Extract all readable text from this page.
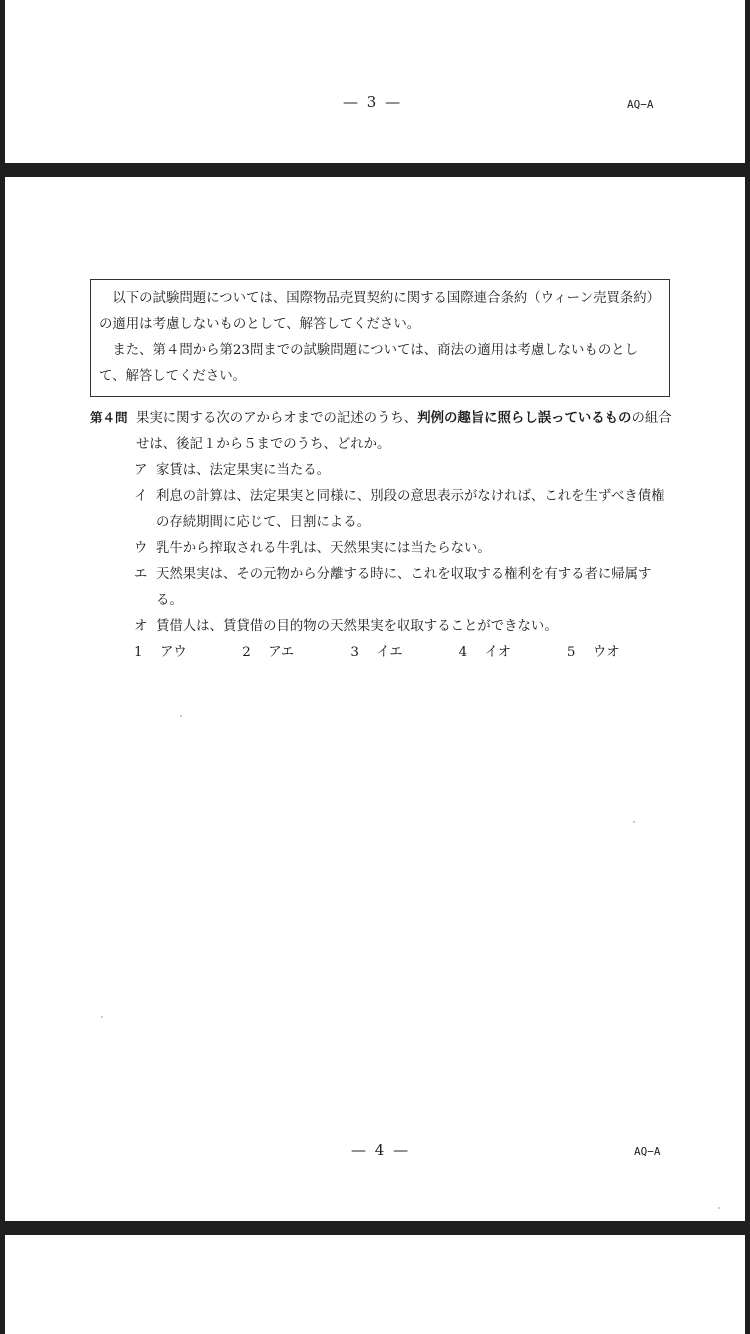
— 3 —	AQ−A

以下の試験問題については、国際物品売買契約に関する国際連合条約（ウィーン売買条約）の適用は考慮しないものとして、解答してください。

また、第４問から第23問までの試験問題については、商法の適用は考慮しないものとして、解答してください。

第４問 果実に関する次のアからオまでの記述のうち、判例の趣旨に照らし誤っているものの組合せは、後記１から５までのうち、どれか。
ア 家賃は、法定果実に当たる。
イ 利息の計算は、法定果実と同様に、別段の意思表示がなければ、これを生ずべき債権の存続期間に応じて、日割による。
ウ 乳牛から搾取される牛乳は、天然果実には当たらない。
エ 天然果実は、その元物から分離する時に、これを収取する権利を有する者に帰属する。
オ 賃借人は、賃貸借の目的物の天然果実を収取することができない。
1	アウ	2	アエ	3	イエ	4	イオ	5	ウオ
— 4 —	AQ−A
